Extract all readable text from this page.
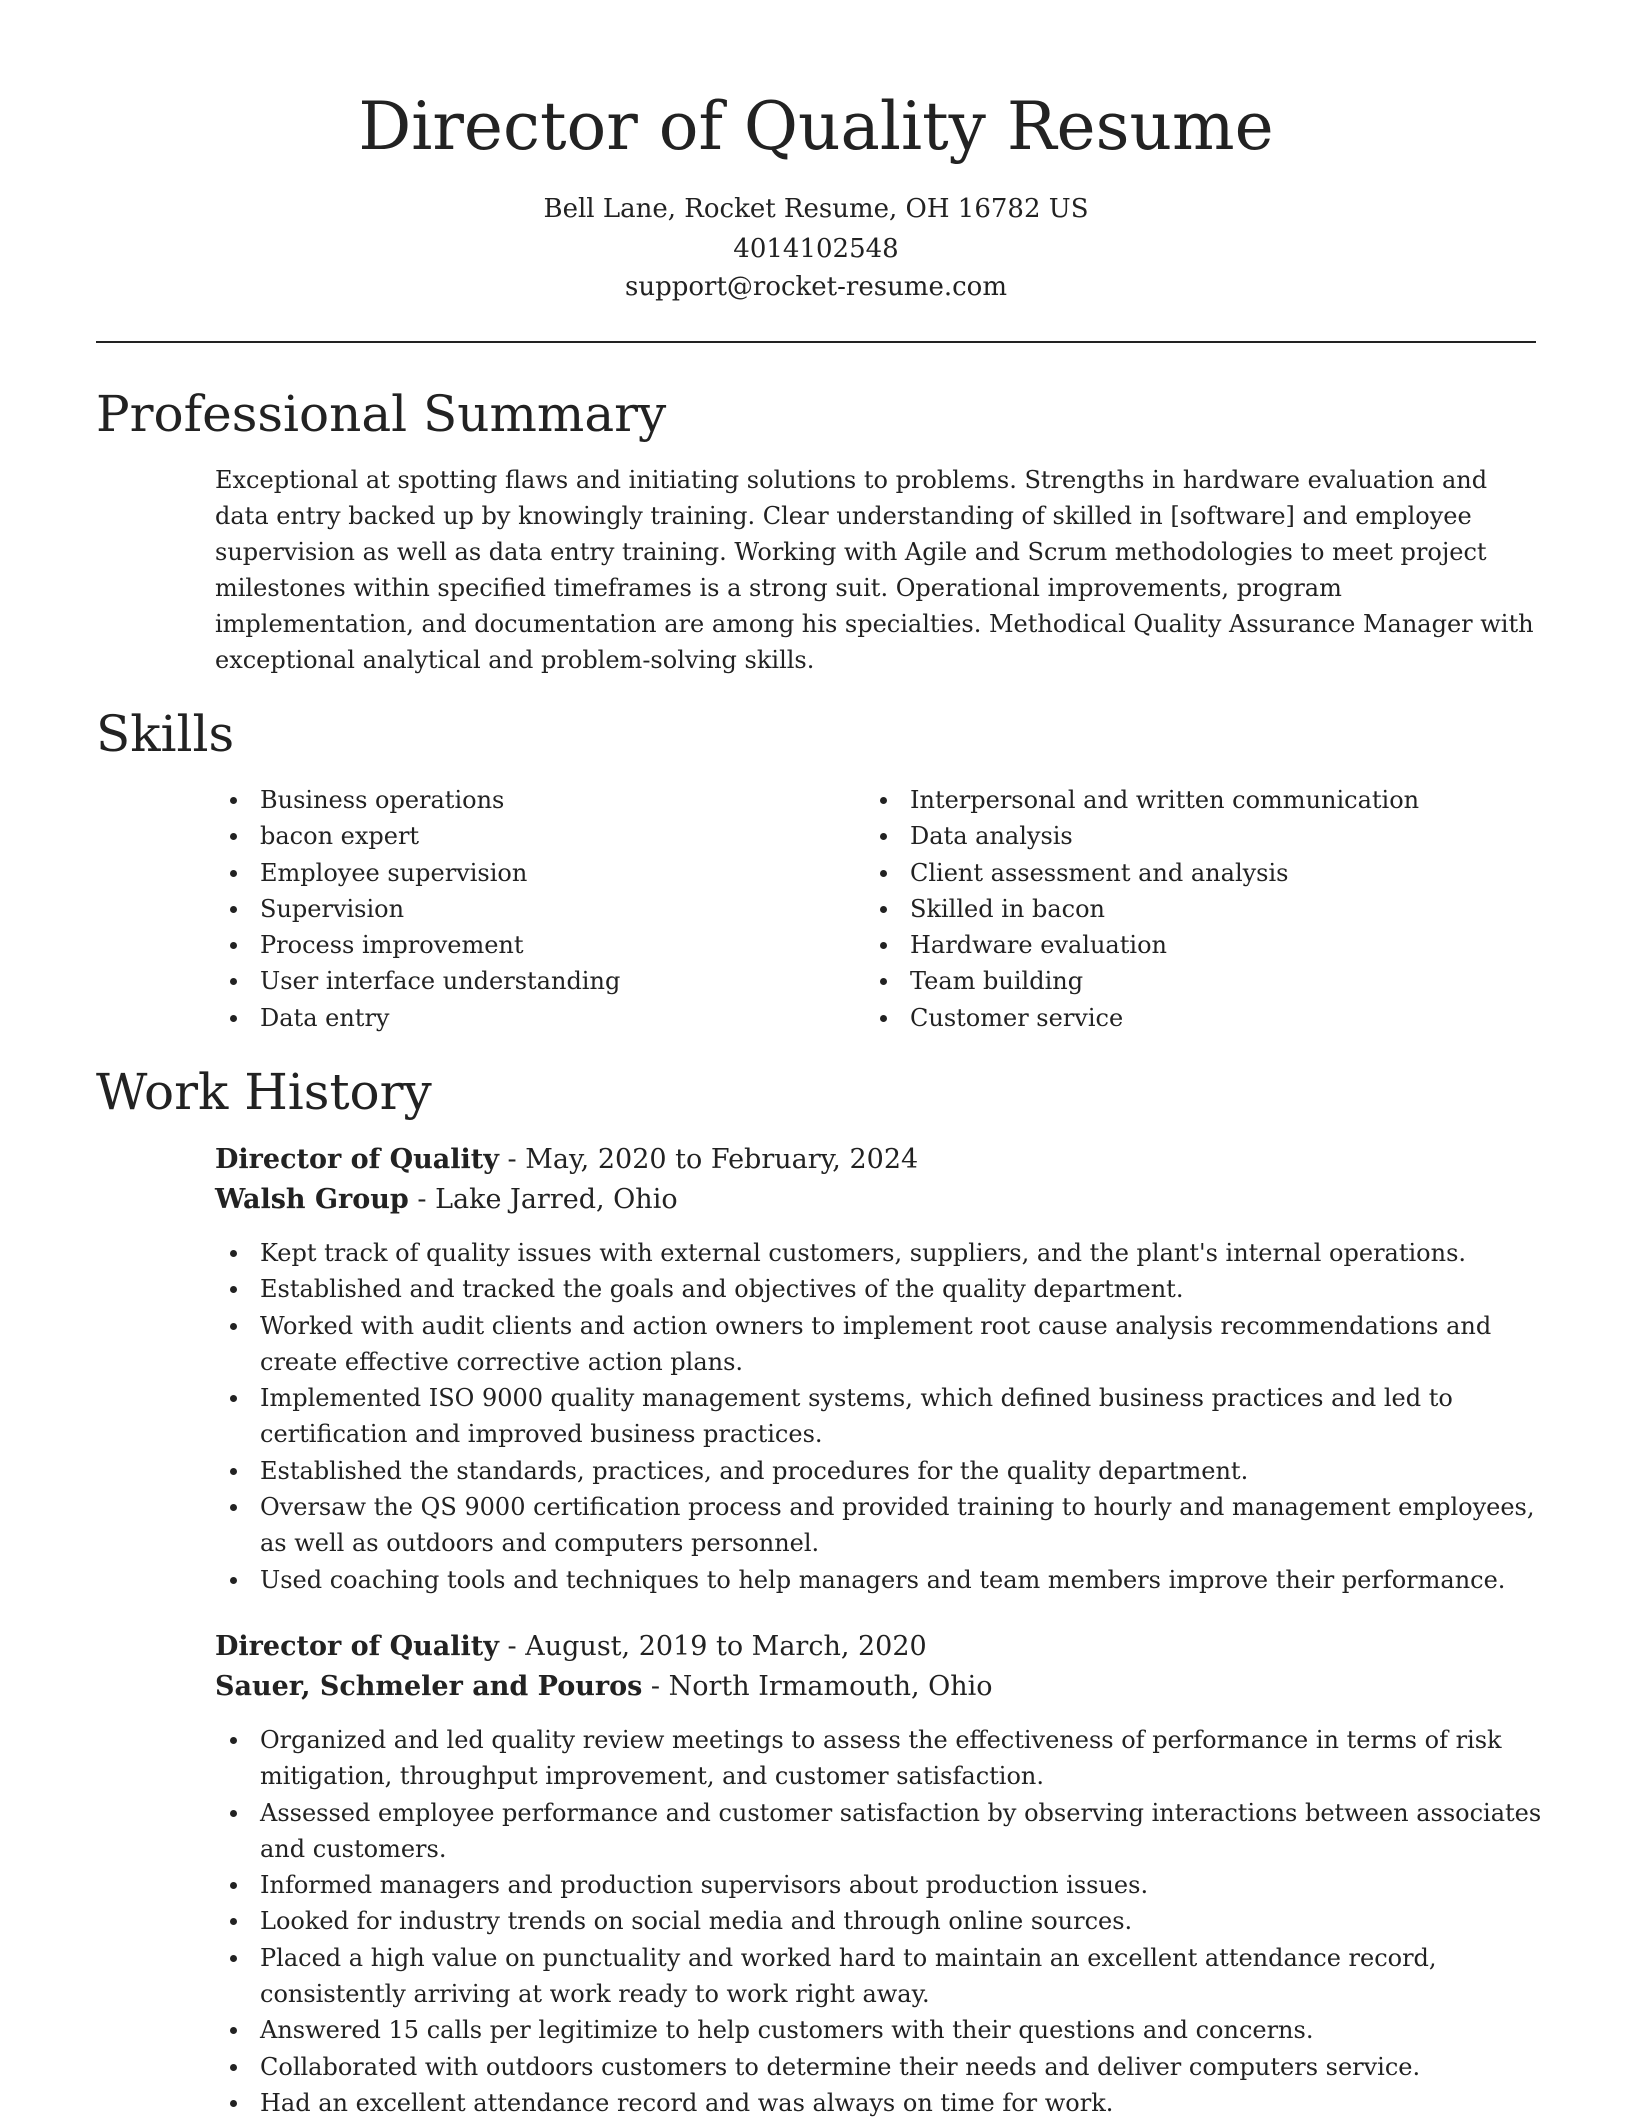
Director of Quality Resume
Bell Lane, Rocket Resume, OH 16782 US
4014102548
support@rocket-resume.com
Professional Summary

Exceptional at spotting flaws and initiating solutions to problems. Strengths in hardware evaluation and data entry backed up by knowingly training. Clear understanding of skilled in [software] and employee supervision as well as data entry training. Working with Agile and Scrum methodologies to meet project milestones within specified timeframes is a strong suit. Operational improvements, program implementation, and documentation are among his specialties. Methodical Quality Assurance Manager with exceptional analytical and problem-solving skills.

Skills
Business operations
bacon expert
Employee supervision
Supervision
Process improvement
User interface understanding
Data entry
Interpersonal and written communication
Data analysis
Client assessment and analysis
Skilled in bacon
Hardware evaluation
Team building
Customer service
Work History
Director of Quality - May, 2020 to February, 2024
Walsh Group - Lake Jarred, Ohio
Kept track of quality issues with external customers, suppliers, and the plant's internal operations.
Established and tracked the goals and objectives of the quality department.
Worked with audit clients and action owners to implement root cause analysis recommendations and create effective corrective action plans.
Implemented ISO 9000 quality management systems, which defined business practices and led to certification and improved business practices.
Established the standards, practices, and procedures for the quality department.
Oversaw the QS 9000 certification process and provided training to hourly and management employees, as well as outdoors and computers personnel.
Used coaching tools and techniques to help managers and team members improve their performance.
Director of Quality - August, 2019 to March, 2020
Sauer, Schmeler and Pouros - North Irmamouth, Ohio
Organized and led quality review meetings to assess the effectiveness of performance in terms of risk mitigation, throughput improvement, and customer satisfaction.
Assessed employee performance and customer satisfaction by observing interactions between associates and customers.
Informed managers and production supervisors about production issues.
Looked for industry trends on social media and through online sources.
Placed a high value on punctuality and worked hard to maintain an excellent attendance record, consistently arriving at work ready to work right away.
Answered 15 calls per legitimize to help customers with their questions and concerns.
Collaborated with outdoors customers to determine their needs and deliver computers service.
Had an excellent attendance record and was always on time for work.
